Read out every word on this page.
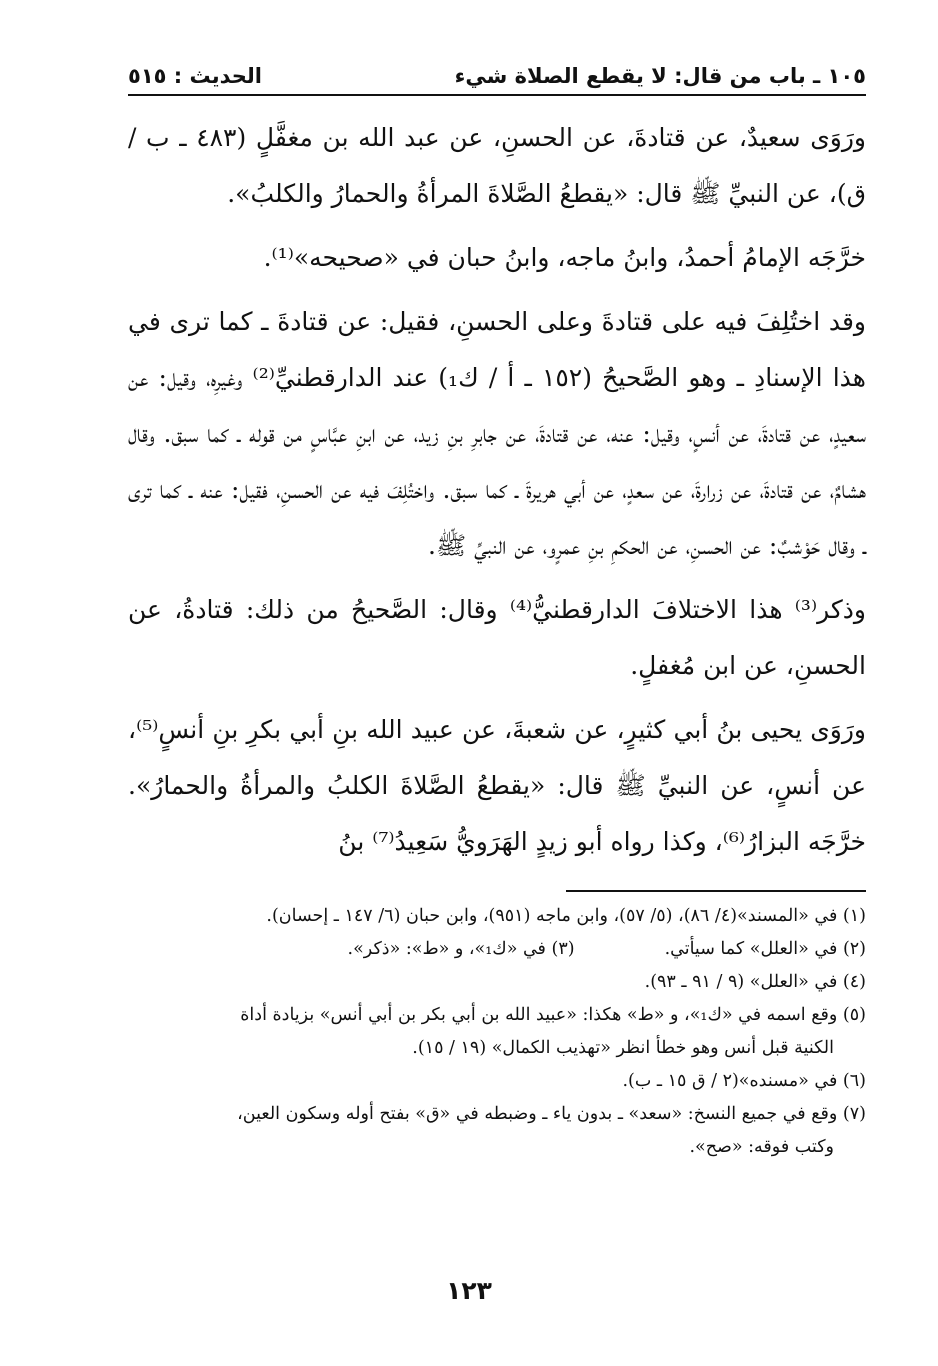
١٠٥ ـ باب من قال: لا يقطع الصلاة شيء
الحديث : ٥١٥

ورَوَى سعيدٌ، عن قتادةَ، عن الحسنِ، عن عبد الله بن مغفَّلٍ (٤٨٣ ـ ب / ق)، عن النبيِّ ﷺ قال: «يقطعُ الصَّلاةَ المرأةُ والحمارُ والكلبُ».

خرَّجَه الإمامُ أحمدُ، وابنُ ماجه، وابنُ حبان في «صحيحه»⁽¹⁾.

وقد اختُلِفَ فيه على قتادةَ وعلى الحسنِ، فقيل: عن قتادةَ ـ كما ترى في هذا الإسنادِ ـ وهو الصَّحيحُ (١٥٢ ـ أ / ك₁) عند الدارقطنيِّ⁽²⁾ وغيرِه، وقيل: عن سعيدٍ، عن قتادةَ، عن أنسٍ، وقيل: عنه، عن قتادةَ، عن جابرِ بنِ زيد، عن ابنِ عبَّاسٍ من قوله ـ كما سبق. وقال هشامٌ، عن قتادةَ، عن زرارةَ، عن سعدٍ، عن أبي هريرةَ ـ كما سبق. واختُلِفَ فيه عن الحسنِ، فقيل: عنه ـ كما ترى ـ وقال حَوْشبٌ: عن الحسنِ، عن الحكمِ بنِ عمرٍو، عن النبيِّ ﷺ.

وذكر⁽³⁾ هذا الاختلافَ الدارقطنيُّ⁽⁴⁾ وقال: الصَّحيحُ من ذلك: قتادةُ، عن الحسنِ، عن ابن مُغفلٍ.

ورَوَى يحيى بنُ أبي كثيرٍ، عن شعبةَ، عن عبيد الله بنِ أبي بكرِ بنِ أنسٍ⁽⁵⁾، عن أنسٍ، عن النبيِّ ﷺ قال: «يقطعُ الصَّلاةَ الكلبُ والمرأةُ والحمارُ». خرَّجَه البزارُ⁽⁶⁾، وكذا رواه أبو زيدٍ الهَرَويُّ سَعِيدُ⁽⁷⁾ بنُ

(١) في «المسند»(٤/ ٨٦)، (٥/ ٥٧)، وابن ماجه (٩٥١)، وابن حبان (٦/ ١٤٧ ـ إحسان).

(٢) في «العلل» كما سيأتي.
(٣) في «ك₁»، و «ط»: «ذكر».

(٤) في «العلل» (٩ / ٩١ ـ ٩٣).

(٥) وقع اسمه في «ك₁»، و «ط» هكذا: «عبيد الله بن أبي بكر بن أبي أنس» بزيادة أداة

الكنية قبل أنس وهو خطأ انظر «تهذيب الكمال» (١٩ / ١٥).

(٦) في «مسنده»(٢ / ق ١٥ ـ ب).

(٧) وقع في جميع النسخ: «سعد» ـ بدون ياء ـ وضبطه في «ق» بفتح أوله وسكون العين،

وكتب فوقه: «صح».

١٢٣
